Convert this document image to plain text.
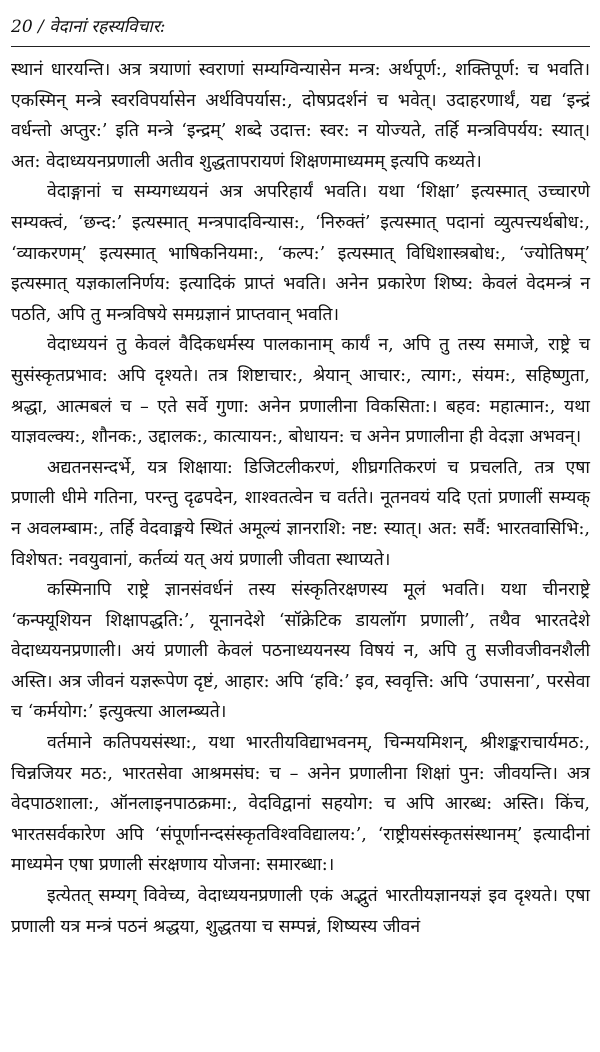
20 / वेदानां रहस्यविचार:

स्थानं धारयन्ति। अत्र त्रयाणां स्वराणां सम्यग्विन्यासेन मन्त्र: अर्थपूर्ण:, शक्तिपूर्ण: च भवति। एकस्मिन् मन्त्रे स्वरविपर्यासेन अर्थविपर्यास:, दोषप्रदर्शनं च भवेत्। उदाहरणार्थं, यद्य ‘इन्द्रं वर्धन्तो अप्तुर:’ इति मन्त्रे ‘इन्द्रम्’ शब्दे उदात्त: स्वर: न योज्यते, तर्हि मन्त्रविपर्यय: स्यात्। अत: वेदाध्ययनप्रणाली अतीव शुद्धतापरायणं शिक्षणमाध्यमम् इत्यपि कथ्यते।

वेदाङ्गानां च सम्यगध्ययनं अत्र अपरिहार्यं भवति। यथा ‘शिक्षा’ इत्यस्मात् उच्चारणे सम्यक्त्वं, ‘छन्द:’ इत्यस्मात् मन्त्रपादविन्यास:, ‘निरुक्तं’ इत्यस्मात् पदानां व्युत्पत्त्यर्थबोध:, ‘व्याकरणम्’ इत्यस्मात् भाषिकनियमा:, ‘कल्प:’ इत्यस्मात् विधिशास्त्रबोध:, ‘ज्योतिषम्’ इत्यस्मात् यज्ञकालनिर्णय: इत्यादिकं प्राप्तं भवति। अनेन प्रकारेण शिष्य: केवलं वेदमन्त्रं न पठति, अपि तु मन्त्रविषये समग्रज्ञानं प्राप्तवान् भवति।

वेदाध्ययनं तु केवलं वैदिकधर्मस्य पालकानाम् कार्यं न, अपि तु तस्य समाजे, राष्ट्रे च सुसंस्कृतप्रभाव: अपि दृश्यते। तत्र शिष्टाचार:, श्रेयान् आचार:, त्याग:, संयम:, सहिष्णुता, श्रद्धा, आत्मबलं च – एते सर्वे गुणा: अनेन प्रणालीना विकसिता:। बहव: महात्मान:, यथा याज्ञवल्क्य:, शौनक:, उद्दालक:, कात्यायन:, बोधायन: च अनेन प्रणालीना ही वेदज्ञा अभवन्।

अद्यतनसन्दर्भे, यत्र शिक्षाया: डिजिटलीकरणं, शीघ्रगतिकरणं च प्रचलति, तत्र एषा प्रणाली धीमे गतिना, परन्तु दृढपदेन, शाश्वतत्वेन च वर्तते। नूतनवयं यदि एतां प्रणालीं सम्यक् न अवलम्बाम:, तर्हि वेदवाङ्मये स्थितं अमूल्यं ज्ञानराशि: नष्ट: स्यात्। अत: सर्वै: भारतवासिभि:, विशेषत: नवयुवानां, कर्तव्यं यत् अयं प्रणाली जीवता स्थाप्यते।

कस्मिनापि राष्ट्रे ज्ञानसंवर्धनं तस्य संस्कृतिरक्षणस्य मूलं भवति। यथा चीनराष्ट्रे ‘कन्फ्यूशियन शिक्षापद्धति:’, यूनानदेशे ‘सॉक्रेटिक डायलॉग प्रणाली’, तथैव भारतदेशे वेदाध्ययनप्रणाली। अयं प्रणाली केवलं पठनाध्ययनस्य विषयं न, अपि तु सजीवजीवनशैली अस्ति। अत्र जीवनं यज्ञरूपेण दृष्टं, आहार: अपि ‘हवि:’ इव, स्ववृत्ति: अपि ‘उपासना’, परसेवा च ‘कर्मयोग:’ इत्युक्त्या आलम्ब्यते।

वर्तमाने कतिपयसंस्था:, यथा भारतीयविद्याभवनम्, चिन्मयमिशन्, श्रीशङ्कराचार्यमठ:, चिन्नजियर मठ:, भारतसेवा आश्रमसंघ: च – अनेन प्रणालीना शिक्षां पुन: जीवयन्ति। अत्र वेदपाठशाला:, ऑनलाइनपाठक्रमा:, वेदविद्वानां सहयोग: च अपि आरब्ध: अस्ति। किंच, भारतसर्वकारेण अपि ‘संपूर्णानन्दसंस्कृतविश्वविद्यालय:’, ‘राष्ट्रीयसंस्कृतसंस्थानम्’ इत्यादीनां माध्यमेन एषा प्रणाली संरक्षणाय योजना: समारब्धा:।

इत्येतत् सम्यग् विवेच्य, वेदाध्ययनप्रणाली एकं अद्भुतं भारतीयज्ञानयज्ञं इव दृश्यते। एषा प्रणाली यत्र मन्त्रं पठनं श्रद्धया, शुद्धतया च सम्पन्नं, शिष्यस्य जीवनं
